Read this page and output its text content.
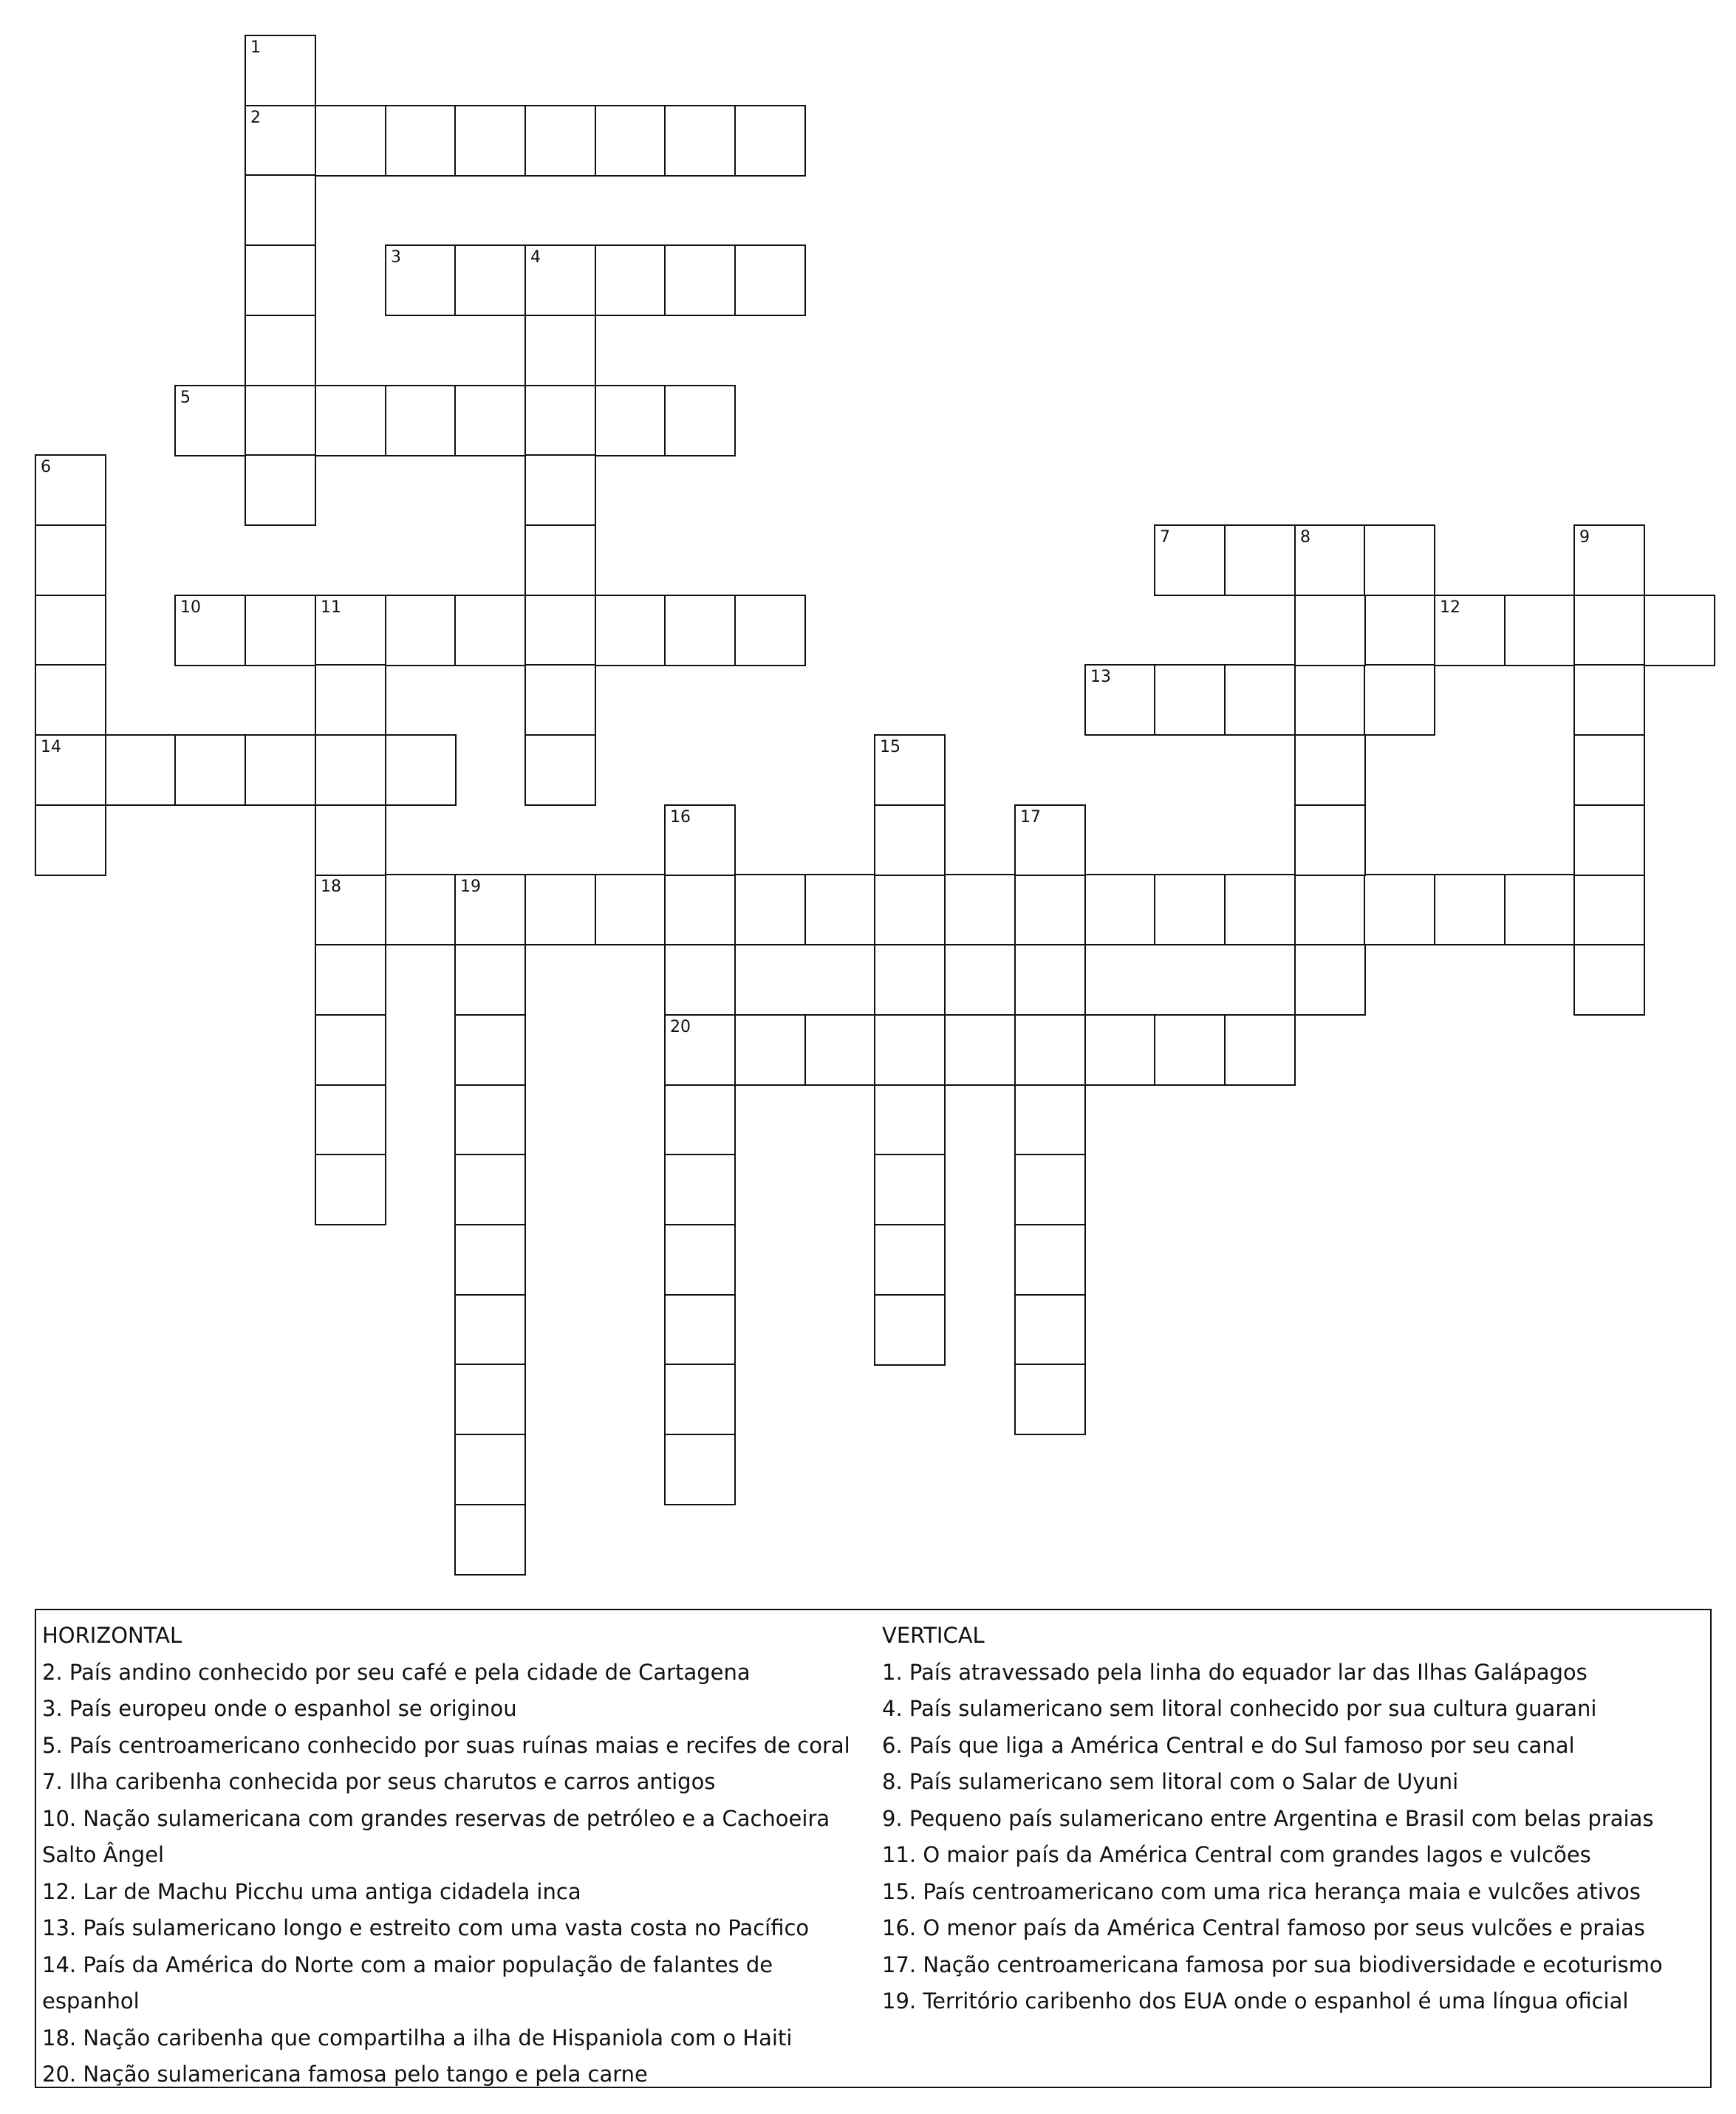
2
3	4
5
7	8
10	11	12
13
14
18	19
20
1
6
9
15
16	17
HORIZONTAL
2. País andino conhecido por seu café e pela cidade de Cartagena
3. País europeu onde o espanhol se originou
5. País centroamericano conhecido por suas ruínas maias e recifes de coral
7. Ilha caribenha conhecida por seus charutos e carros antigos
10. Nação sulamericana com grandes reservas de petróleo e a Cachoeira Salto Ângel
12. Lar de Machu Picchu uma antiga cidadela inca
13. País sulamericano longo e estreito com uma vasta costa no Pacífico
14. País da América do Norte com a maior população de falantes de espanhol
18. Nação caribenha que compartilha a ilha de Hispaniola com o Haiti
20. Nação sulamericana famosa pelo tango e pela carne
VERTICAL
1. País atravessado pela linha do equador lar das Ilhas Galápagos
4. País sulamericano sem litoral conhecido por sua cultura guarani
6. País que liga a América Central e do Sul famoso por seu canal
8. País sulamericano sem litoral com o Salar de Uyuni
9. Pequeno país sulamericano entre Argentina e Brasil com belas praias
11. O maior país da América Central com grandes lagos e vulcões
15. País centroamericano com uma rica herança maia e vulcões ativos
16. O menor país da América Central famoso por seus vulcões e praias
17. Nação centroamericana famosa por sua biodiversidade e ecoturismo
19. Território caribenho dos EUA onde o espanhol é uma língua oficial
